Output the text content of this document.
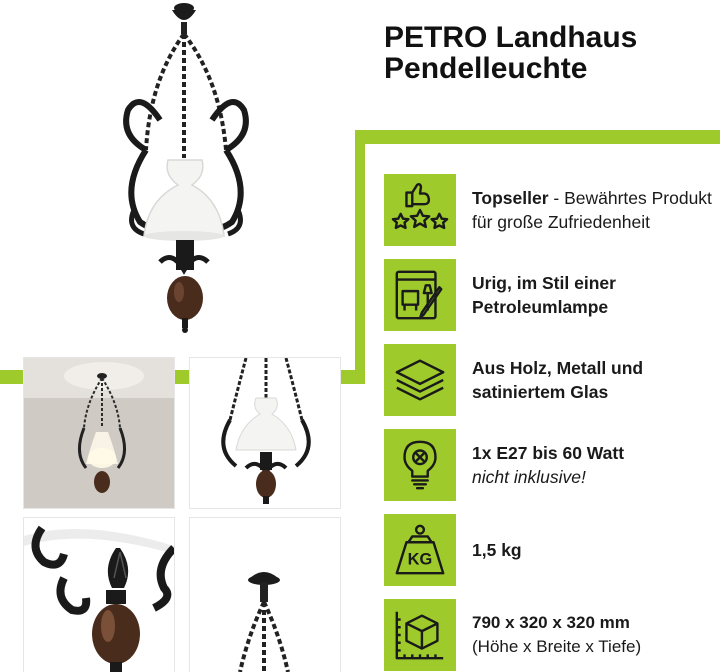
PETRO Landhaus
Pendelleuchte
Topseller - Bewährtes Produkt für große Zufriedenheit
Urig, im Stil einer Petroleumlampe
Aus Holz, Metall und satiniertem Glas
1x E27 bis 60 Watt
nicht inklusive!
KG 1,5 kg
790 x 320 x 320 mm
(Höhe x Breite x Tiefe)
